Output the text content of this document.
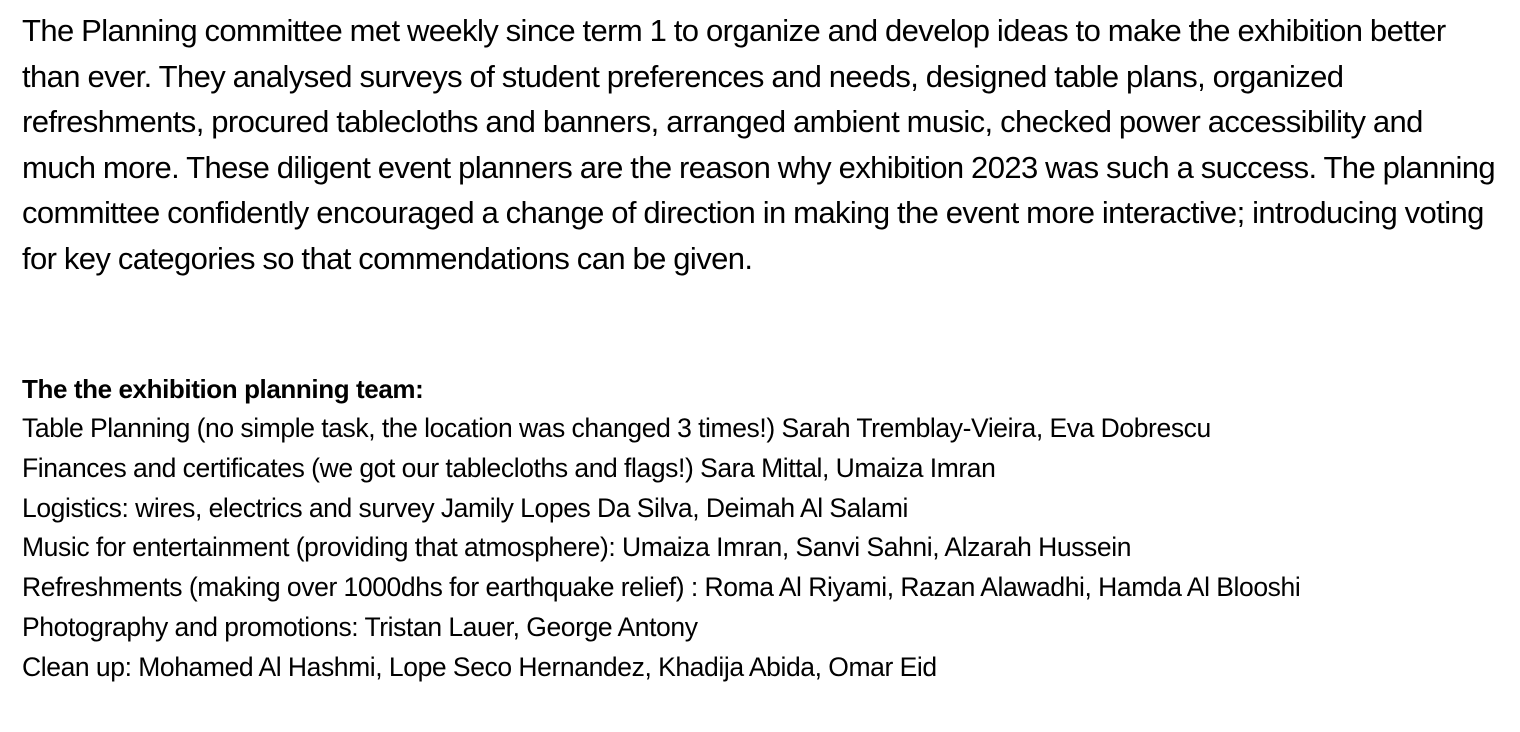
The Planning committee met weekly since term 1 to organize and develop ideas to make the exhibition better than ever. They analysed surveys of student preferences and needs, designed table plans, organized refreshments, procured tablecloths and banners, arranged ambient music, checked power accessibility and much more. These diligent event planners are the reason why exhibition 2023 was such a success. The planning committee confidently encouraged a change of direction in making the event more interactive; introducing voting for key categories so that commendations can be given.

The the exhibition planning team:

Table Planning (no simple task, the location was changed 3 times!) Sarah Tremblay-Vieira, Eva Dobrescu

Finances and certificates (we got our tablecloths and flags!) Sara Mittal, Umaiza Imran

Logistics: wires, electrics and survey Jamily Lopes Da Silva, Deimah Al Salami

Music for entertainment (providing that atmosphere): Umaiza Imran, Sanvi Sahni, Alzarah Hussein

Refreshments (making over 1000dhs for earthquake relief) : Roma Al Riyami, Razan Alawadhi, Hamda Al Blooshi

Photography and promotions: Tristan Lauer, George Antony

Clean up: Mohamed Al Hashmi, Lope Seco Hernandez, Khadija Abida, Omar Eid
